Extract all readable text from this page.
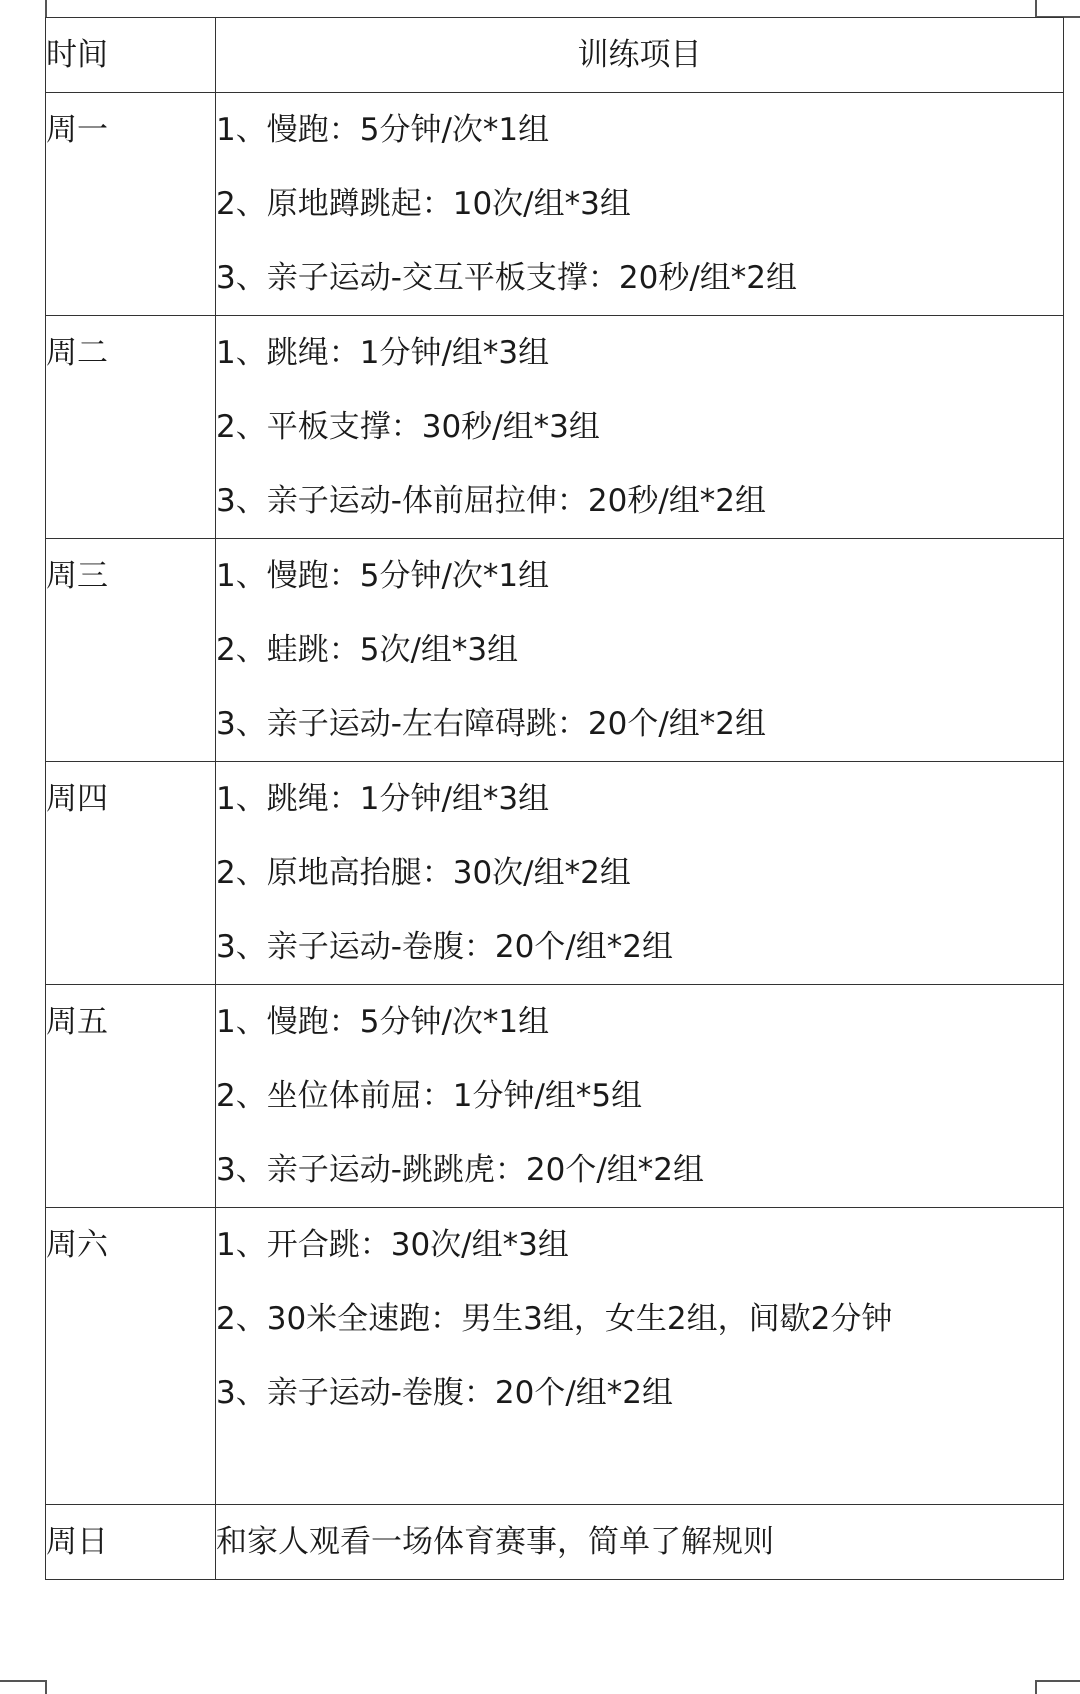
时间	训练项目
周一	1、慢跑：5分钟/次*1组
2、原地蹲跳起：10次/组*3组
3、亲子运动-交互平板支撑：20秒/组*2组

周二	1、跳绳：1分钟/组*3组
2、平板支撑：30秒/组*3组
3、亲子运动-体前屈拉伸：20秒/组*2组

周三	1、慢跑：5分钟/次*1组
2、蛙跳：5次/组*3组
3、亲子运动-左右障碍跳：20个/组*2组

周四	1、跳绳：1分钟/组*3组
2、原地高抬腿：30次/组*2组
3、亲子运动-卷腹：20个/组*2组

周五	1、慢跑：5分钟/次*1组
2、坐位体前屈：1分钟/组*5组
3、亲子运动-跳跳虎：20个/组*2组

周六	1、开合跳：30次/组*3组
2、30米全速跑：男生3组，女生2组，间歇2分钟
3、亲子运动-卷腹：20个/组*2组

周日	和家人观看一场体育赛事，简单了解规则
